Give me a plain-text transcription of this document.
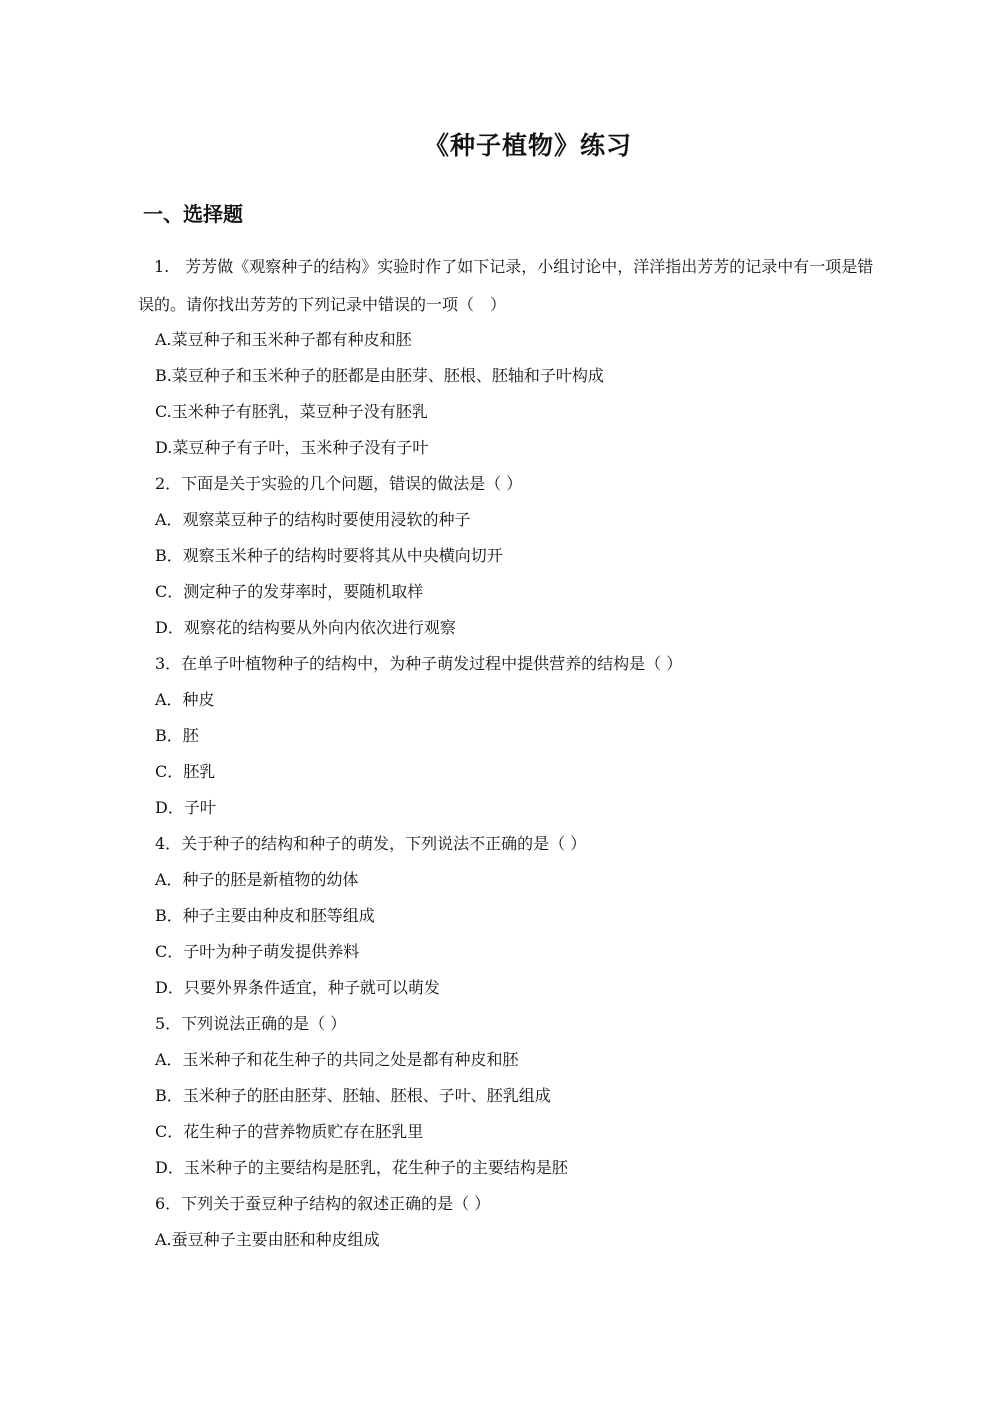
《种子植物》练习
一、选择题

1.　芳芳做《观察种子的结构》实验时作了如下记录，小组讨论中，洋洋指出芳芳的记录中有一项是错误的。请你找出芳芳的下列记录中错误的一项（　）

A.菜豆种子和玉米种子都有种皮和胚

B.菜豆种子和玉米种子的胚都是由胚芽、胚根、胚轴和子叶构成

C.玉米种子有胚乳，菜豆种子没有胚乳

D.菜豆种子有子叶，玉米种子没有子叶

2．下面是关于实验的几个问题，错误的做法是（ ）

A．观察菜豆种子的结构时要使用浸软的种子

B．观察玉米种子的结构时要将其从中央横向切开

C．测定种子的发芽率时，要随机取样

D．观察花的结构要从外向内依次进行观察

3．在单子叶植物种子的结构中，为种子萌发过程中提供营养的结构是（ ）

A．种皮

B．胚

C．胚乳

D．子叶

4．关于种子的结构和种子的萌发，下列说法不正确的是（ ）

A．种子的胚是新植物的幼体

B．种子主要由种皮和胚等组成

C．子叶为种子萌发提供养料

D．只要外界条件适宜，种子就可以萌发

5．下列说法正确的是（ ）

A．玉米种子和花生种子的共同之处是都有种皮和胚

B．玉米种子的胚由胚芽、胚轴、胚根、子叶、胚乳组成

C．花生种子的营养物质贮存在胚乳里

D．玉米种子的主要结构是胚乳，花生种子的主要结构是胚

6．下列关于蚕豆种子结构的叙述正确的是（ ）

A.蚕豆种子主要由胚和种皮组成
